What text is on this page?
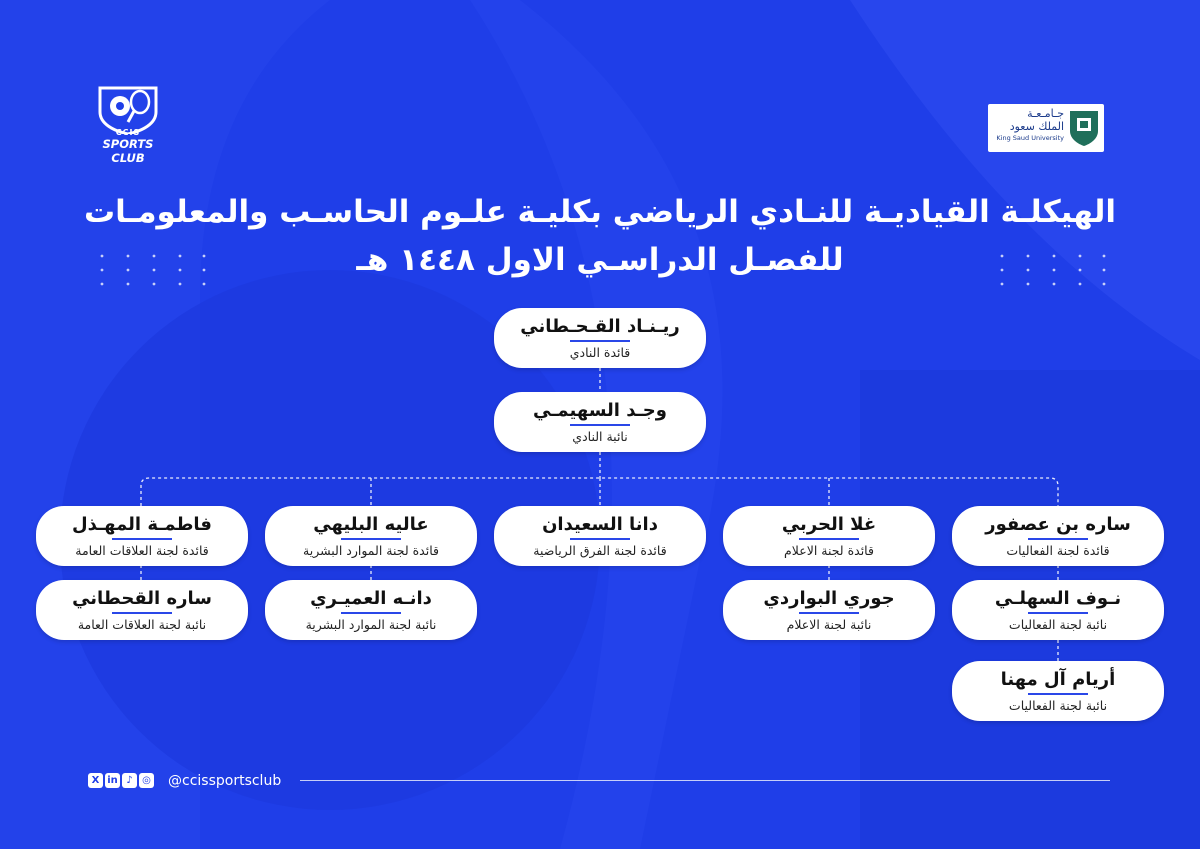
CCIS
SPORTS CLUB
جـامـعـة
الملك سعود
King Saud University
الهيكلـة القياديـة للنـادي الرياضي بكليـة علـوم الحاسـب والمعلومـات
للفصـل الدراسـي الاول ١٤٤٨ هـ
ريـنـاد القـحـطاني
قائدة النادي
وجـد السهيمـي
نائبة النادي
ساره بن عصفور
قائدة لجنة الفعاليات
نـوف السهلـي
نائبة لجنة الفعاليات
أريام آل مهنا
نائبة لجنة الفعاليات
غلا الحربي
قائدة لجنة الاعلام
جوري البواردي
نائبة لجنة الاعلام
دانا السعيدان
قائدة لجنة الفرق الرياضية
عاليه البليهي
قائدة لجنة الموارد البشرية
دانـه العميـري
نائبة لجنة الموارد البشرية
فاطمـة المهـذل
قائدة لجنة العلاقات العامة
ساره القحطاني
نائبة لجنة العلاقات العامة
X in ♪ ◎	@ccissportsclub
